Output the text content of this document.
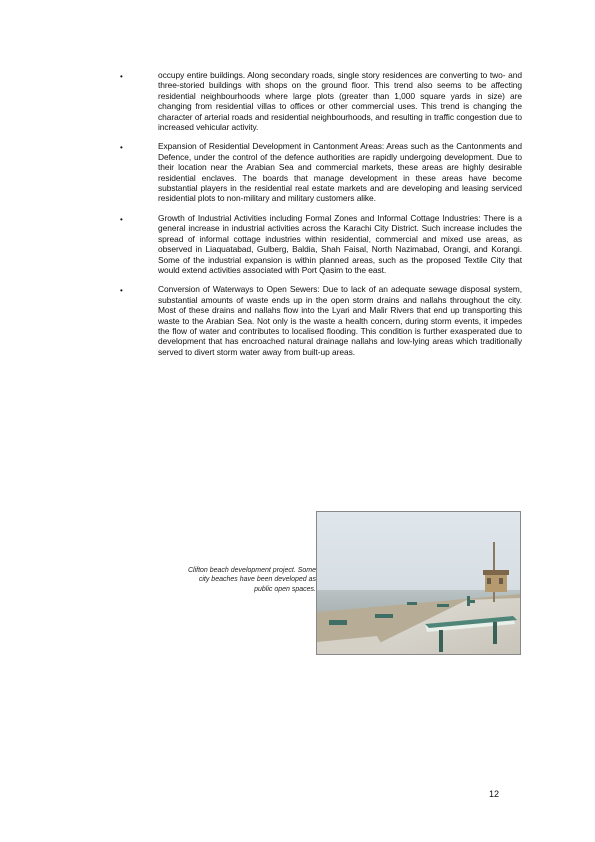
•	occupy entire buildings. Along secondary roads, single story residences are converting to two- and three-storied buildings with shops on the ground floor. This trend also seems to be affecting residential neighbourhoods where large plots (greater than 1,000 square yards in size) are changing from residential villas to offices or other commercial uses. This trend is changing the character of arterial roads and residential neighbourhoods, and resulting in traffic congestion due to increased vehicular activity.
•	Expansion of Residential Development in Cantonment Areas: Areas such as the Cantonments and Defence, under the control of the defence authorities are rapidly undergoing development. Due to their location near the Arabian Sea and commercial markets, these areas are highly desirable residential enclaves. The boards that manage development in these areas have become substantial players in the residential real estate markets and are developing and leasing serviced residential plots to non-military and military customers alike.
•	Growth of Industrial Activities including Formal Zones and Informal Cottage Industries: There is a general increase in industrial activities across the Karachi City District. Such increase includes the spread of informal cottage industries within residential, commercial and mixed use areas, as observed in Liaquatabad, Gulberg, Baldia, Shah Faisal, North Nazimabad, Orangi, and Korangi. Some of the industrial expansion is within planned areas, such as the proposed Textile City that would extend activities associated with Port Qasim to the east.
•	Conversion of Waterways to Open Sewers: Due to lack of an adequate sewage disposal system, substantial amounts of waste ends up in the open storm drains and nallahs throughout the city. Most of these drains and nallahs flow into the Lyari and Malir Rivers that end up transporting this waste to the Arabian Sea. Not only is the waste a health concern, during storm events, it impedes the flow of water and contributes to localised flooding. This condition is further exasperated due to development that has encroached natural drainage nallahs and low-lying areas which traditionally served to divert storm water away from built-up areas.
Clifton beach development project. Some city beaches have been developed as public open spaces.
12
